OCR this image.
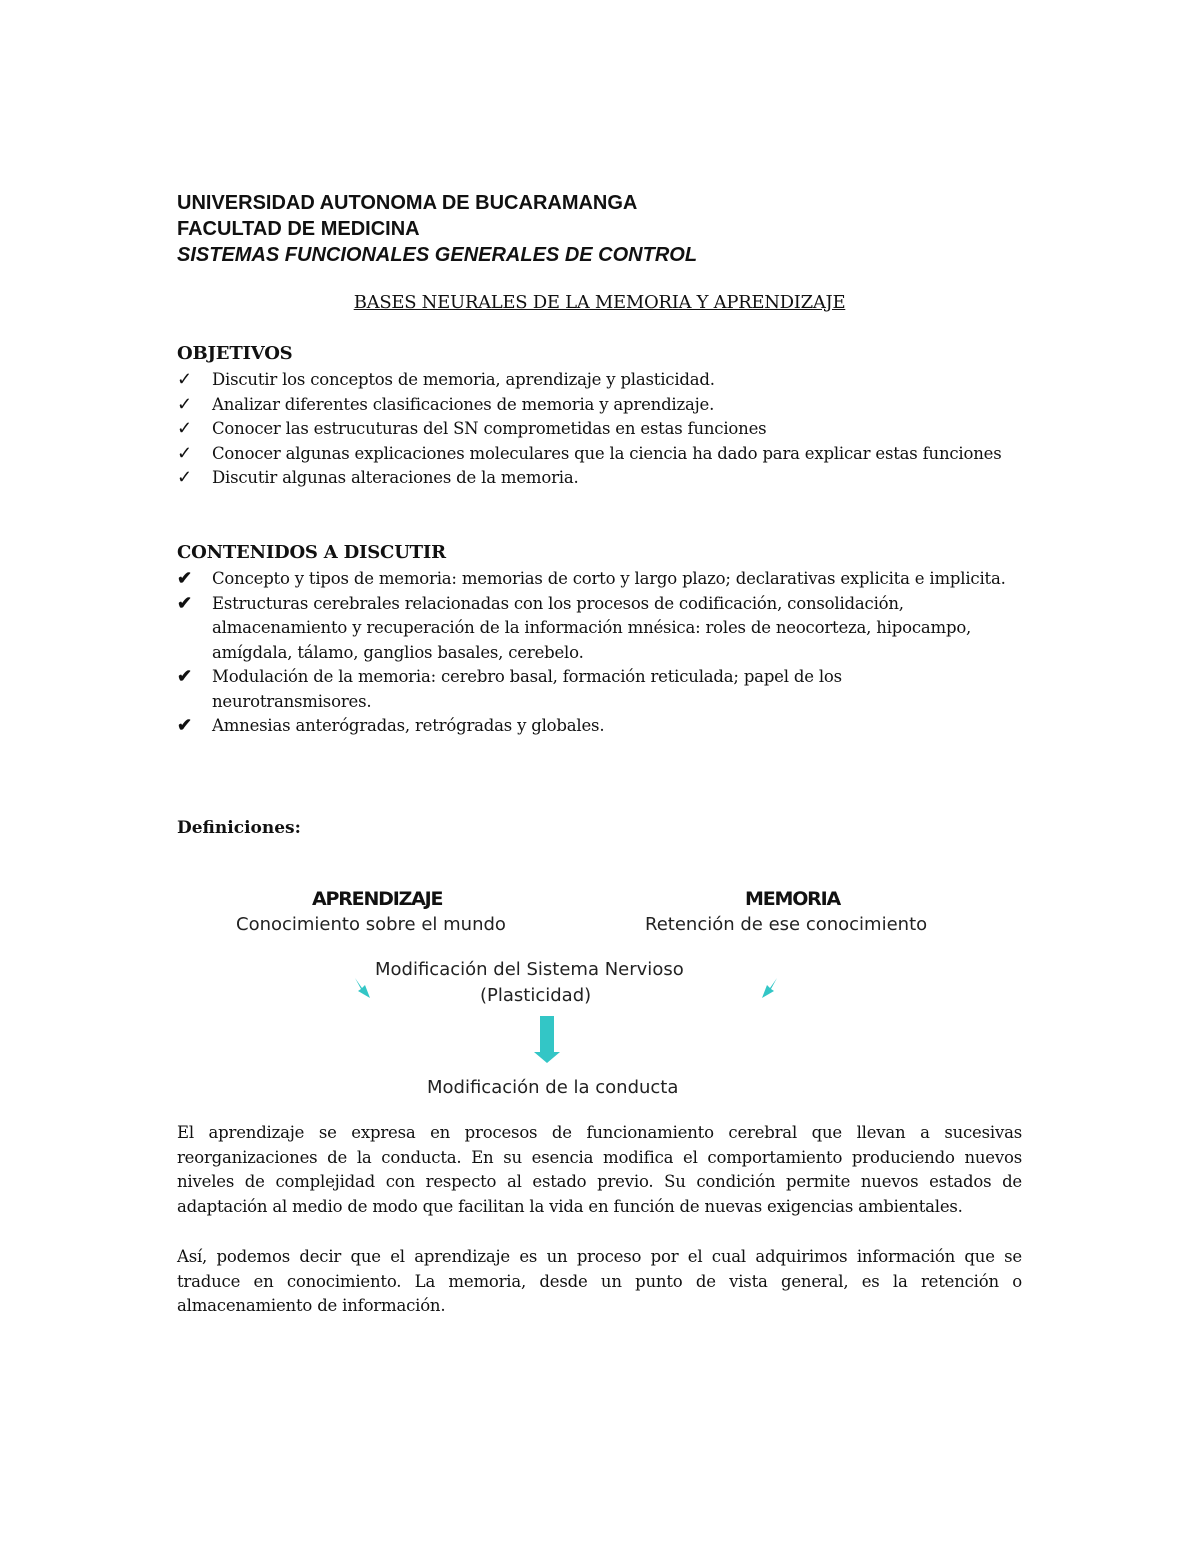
UNIVERSIDAD AUTONOMA DE BUCARAMANGA
FACULTAD DE MEDICINA
SISTEMAS FUNCIONALES GENERALES DE CONTROL
BASES NEURALES DE LA MEMORIA Y APRENDIZAJE
OBJETIVOS
✓ Discutir los conceptos de memoria, aprendizaje y plasticidad.
✓ Analizar diferentes clasificaciones de memoria y aprendizaje.
✓ Conocer las estrucuturas del SN comprometidas en estas funciones
✓ Conocer algunas explicaciones moleculares que la ciencia ha dado para explicar estas funciones
✓ Discutir algunas alteraciones de la memoria.
CONTENIDOS A DISCUTIR
✔ Concepto y tipos de memoria: memorias de corto y largo plazo; declarativas explicita e implicita.
✔ Estructuras cerebrales relacionadas con los procesos de codificación, consolidación, almacenamiento y recuperación de la información mnésica: roles de neocorteza, hipocampo, amígdala, tálamo, ganglios basales, cerebelo.
✔ Modulación de la memoria: cerebro basal, formación reticulada; papel de los neurotransmisores.
✔ Amnesias anterógradas, retrógradas y globales.
Definiciones:
APRENDIZAJE
Conocimiento sobre el mundo
MEMORIA
Retención de ese conocimiento
Modificación del Sistema Nervioso
(Plasticidad)
Modificación de la conducta

El aprendizaje se expresa en procesos de funcionamiento cerebral que llevan a sucesivas reorganizaciones de la conducta. En su esencia modifica el comportamiento produciendo nuevos niveles de complejidad con respecto al estado previo. Su condición permite nuevos estados de adaptación al medio de modo que facilitan la vida en función de nuevas exigencias ambientales.

Así, podemos decir que el aprendizaje es un proceso por el cual adquirimos información que se traduce en conocimiento. La memoria, desde un punto de vista general, es la retención o almacenamiento de información.
